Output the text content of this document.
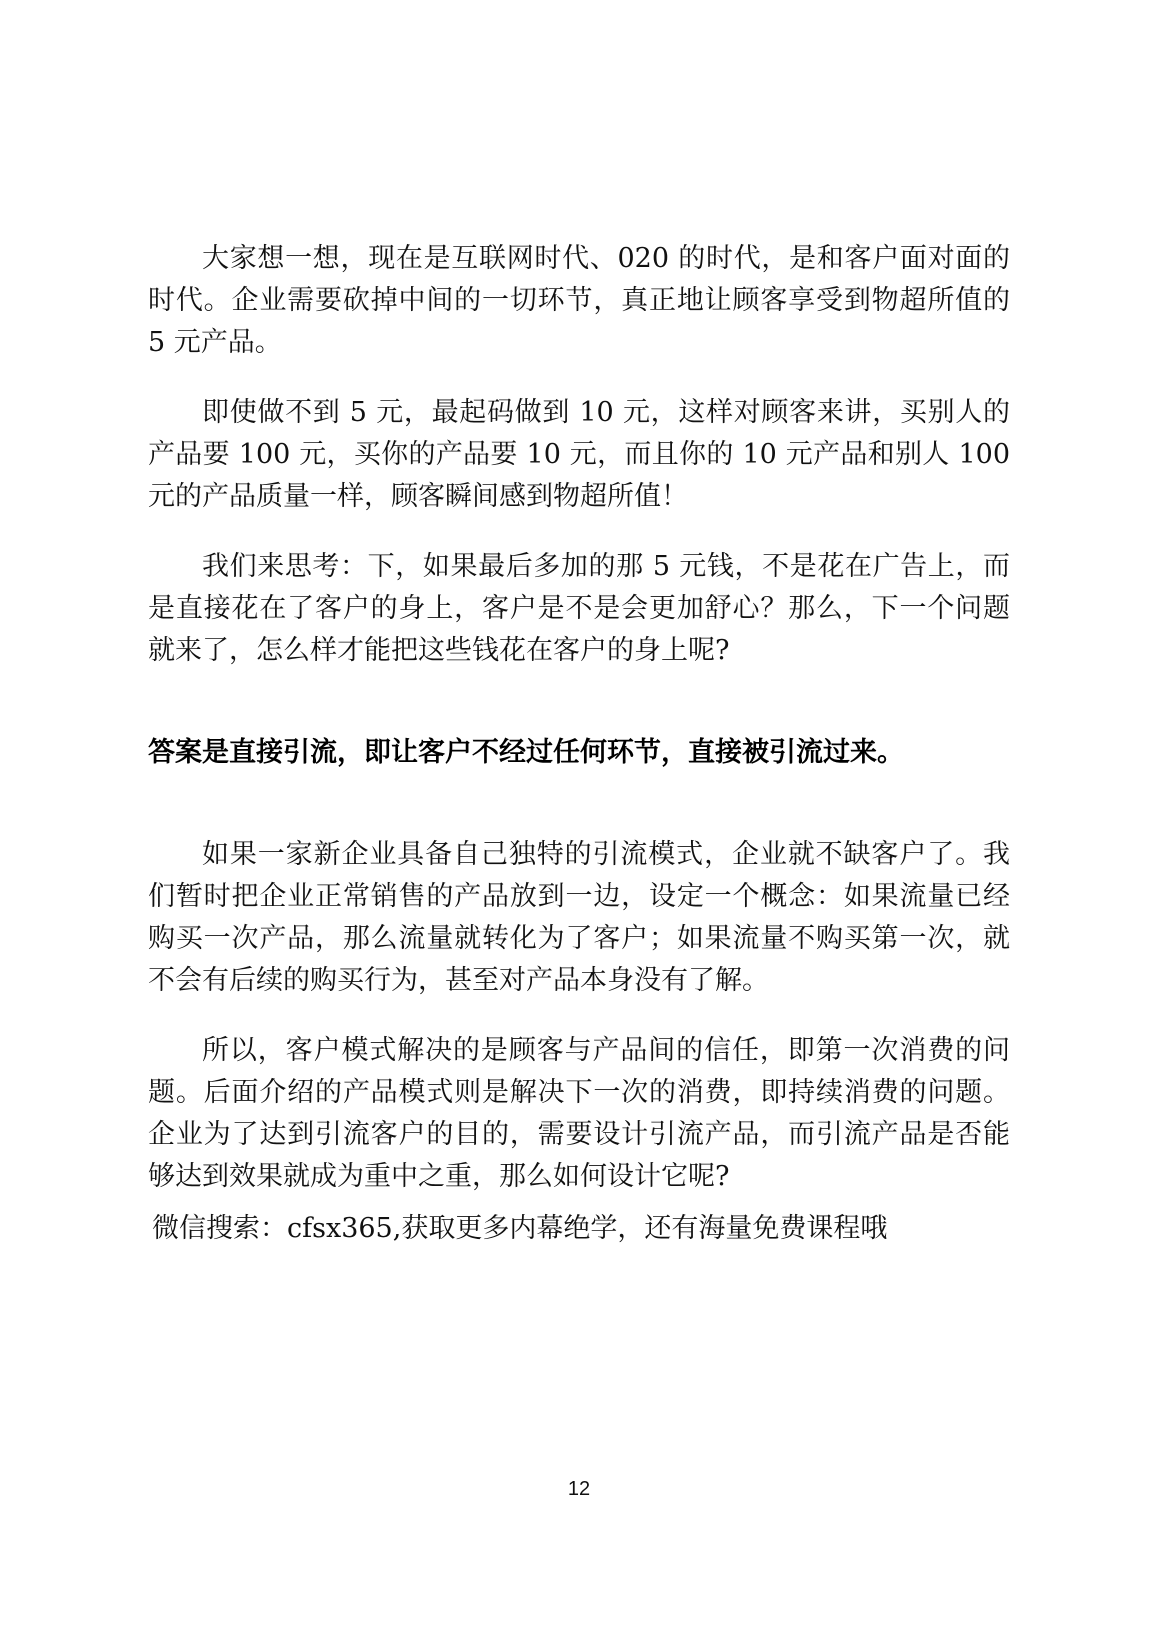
大家想一想，现在是互联网时代、020 的时代，是和客户面对面的时代。企业需要砍掉中间的一切环节，真正地让顾客享受到物超所值的 5 元产品。

即使做不到 5 元，最起码做到 10 元，这样对顾客来讲，买别人的产品要 100 元，买你的产品要 10 元，而且你的 10 元产品和别人 100 元的产品质量一样，顾客瞬间感到物超所值！

我们来思考：下，如果最后多加的那 5 元钱，不是花在广告上，而是直接花在了客户的身上，客户是不是会更加舒心？那么，下一个问题就来了，怎么样才能把这些钱花在客户的身上呢?

答案是直接引流，即让客户不经过任何环节，直接被引流过来。

如果一家新企业具备自己独特的引流模式，企业就不缺客户了。我们暂时把企业正常销售的产品放到一边，设定一个概念：如果流量已经购买一次产品，那么流量就转化为了客户；如果流量不购买第一次，就不会有后续的购买行为，甚至对产品本身没有了解。

所以，客户模式解决的是顾客与产品间的信任，即第一次消费的问题。后面介绍的产品模式则是解决下一次的消费，即持续消费的问题。企业为了达到引流客户的目的，需要设计引流产品，而引流产品是否能够达到效果就成为重中之重，那么如何设计它呢?

微信搜索：cfsx365,获取更多内幕绝学，还有海量免费课程哦

12
